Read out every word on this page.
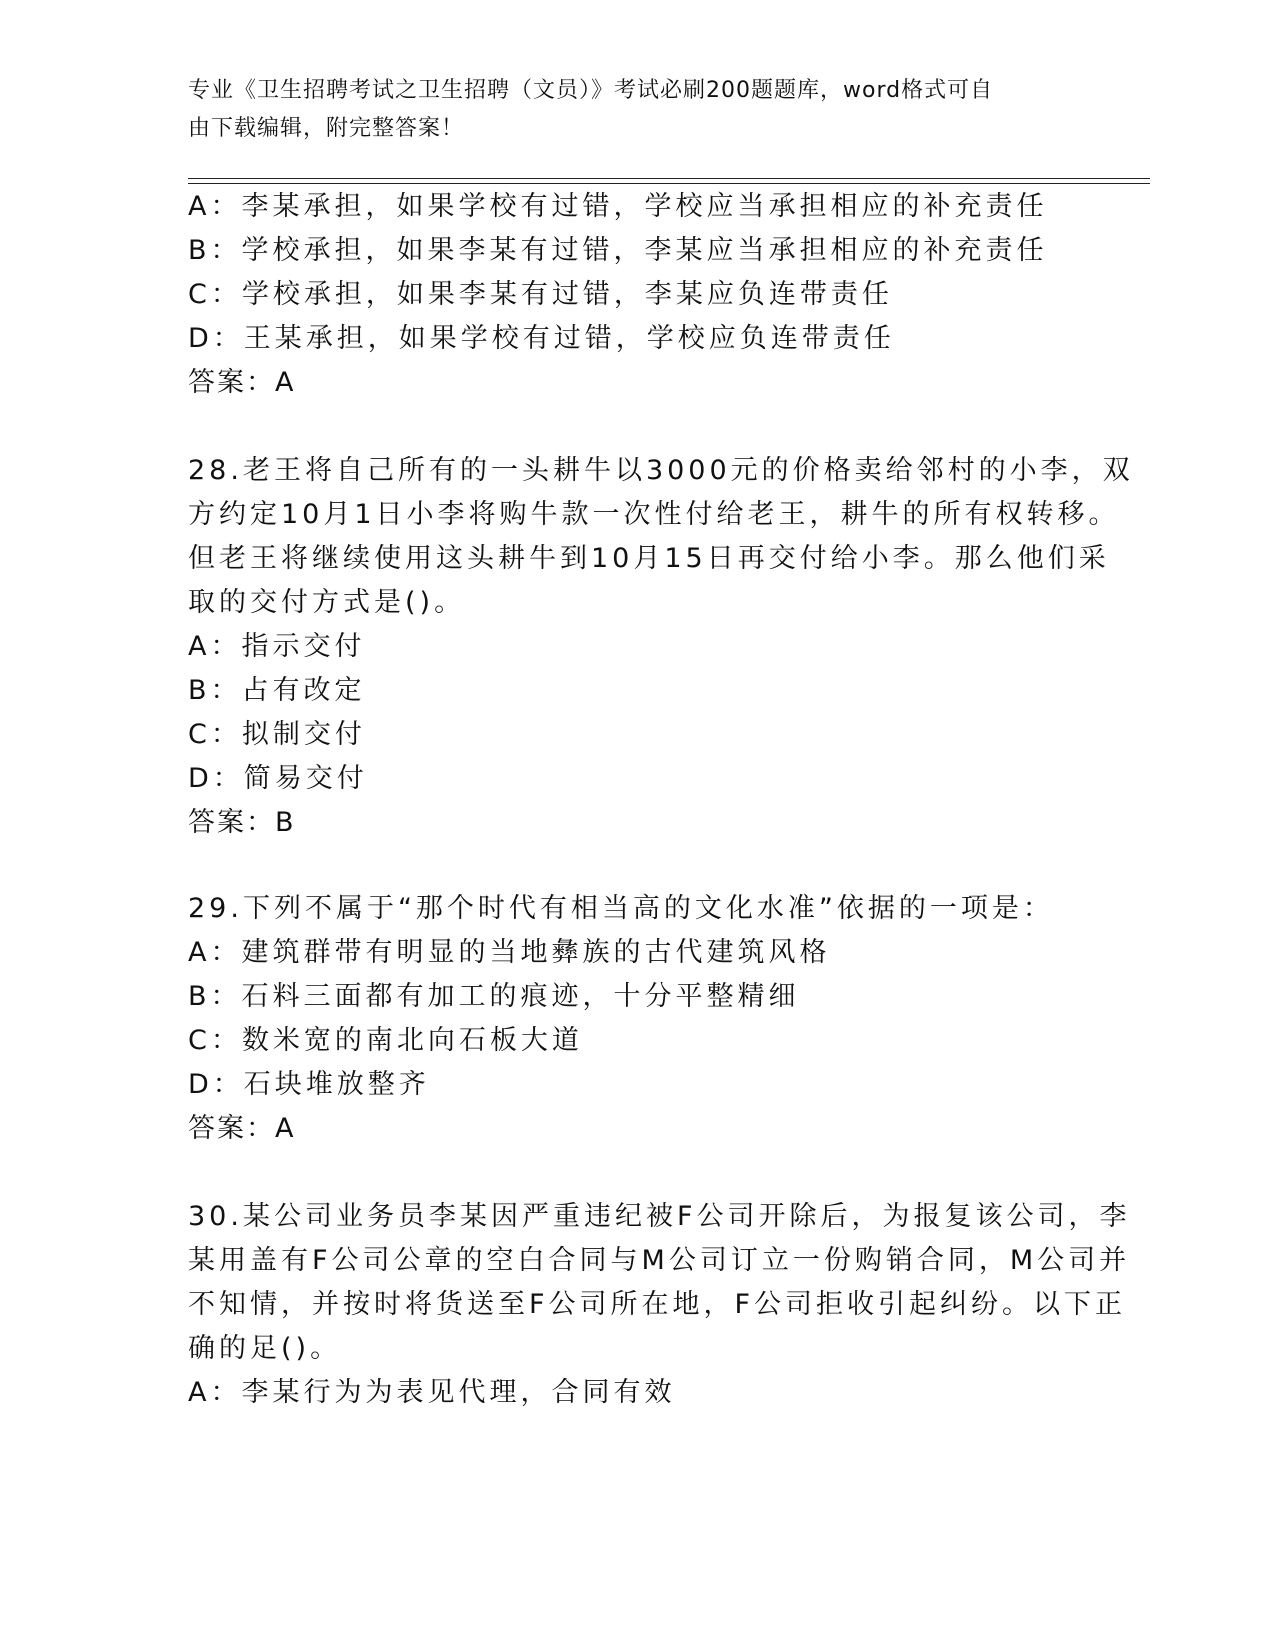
专业《卫生招聘考试之卫生招聘（文员）》考试必刷200题题库，word格式可自
由下载编辑，附完整答案！
A：李某承担，如果学校有过错，学校应当承担相应的补充责任
B：学校承担，如果李某有过错，李某应当承担相应的补充责任
C：学校承担，如果李某有过错，李某应负连带责任
D：王某承担，如果学校有过错，学校应负连带责任
答案：A
28.老王将自己所有的一头耕牛以3000元的价格卖给邻村的小李，双
方约定10月1日小李将购牛款一次性付给老王，耕牛的所有权转移。
但老王将继续使用这头耕牛到10月15日再交付给小李。那么他们采
取的交付方式是()。
A：指示交付
B：占有改定
C：拟制交付
D：简易交付
答案：B
29.下列不属于“那个时代有相当高的文化水准”依据的一项是：
A：建筑群带有明显的当地彝族的古代建筑风格
B：石料三面都有加工的痕迹，十分平整精细
C：数米宽的南北向石板大道
D：石块堆放整齐
答案：A
30.某公司业务员李某因严重违纪被F公司开除后，为报复该公司，李
某用盖有F公司公章的空白合同与M公司订立一份购销合同，M公司并
不知情，并按时将货送至F公司所在地，F公司拒收引起纠纷。以下正
确的足()。
A：李某行为为表见代理，合同有效
